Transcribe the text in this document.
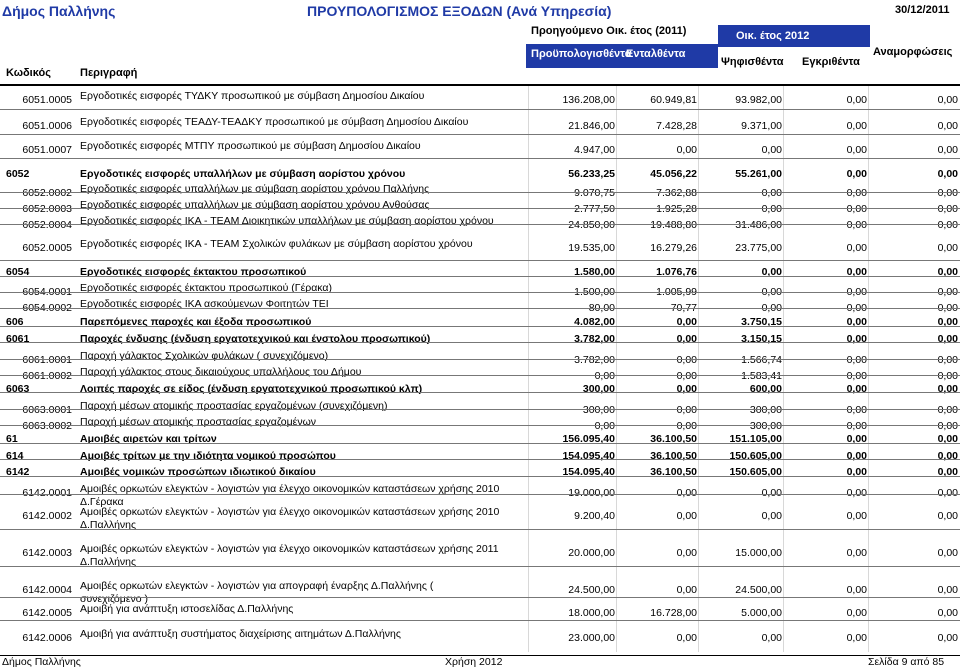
Δήμος Παλλήνης	ΠΡΟΥΠΟΛΟΓΙΣΜΟΣ ΕΞΟΔΩΝ (Ανά Υπηρεσία)	30/12/2011
Προηγούμενο Οικ. έτος (2011)	Οικ. έτος 2012
Προϋπολογισθέντα
Ενταλθέντα
Κωδικός	Περιγραφή
Ψηφισθέντα Εγκριθέντα
Αναμορφώσεις
6051.0005 Εργοδοτικές εισφορές ΤΥΔΚΥ προσωπικού με σύμβαση Δημοσίου Δικαίου	136.208,00	60.949,81	93.982,00	0,00	0,00
6051.0006 Εργοδοτικές εισφορές ΤΕΑΔΥ-ΤΕΑΔΚΥ προσωπικού με σύμβαση Δημοσίου Δικαίου	21.846,00	7.428,28	9.371,00	0,00	0,00
6051.0007 Εργοδοτικές εισφορές ΜΤΠΥ προσωπικού με σύμβαση Δημοσίου Δικαίου	4.947,00	0,00	0,00	0,00	0,00
6052	Εργοδοτικές εισφορές υπαλλήλων με σύμβαση αορίστου χρόνου	56.233,25	45.056,22	55.261,00	0,00	0,00
6052.0002 Εργοδοτικές εισφορές υπαλλήλων με σύμβαση αορίστου χρόνου Παλλήνης	9.070,75	7.362,88	0,00	0,00	0,00
6052.0003 Εργοδοτικές εισφορές υπαλλήλων με σύμβαση αορίστου χρόνου Ανθούσας	2.777,50	1.925,28	0,00	0,00	0,00
6052.0004 Εργοδοτικές εισφορές ΙΚΑ - ΤΕΑΜ Διοικητικών υπαλλήλων με σύμβαση αορίστου χρόνου	24.850,00	19.488,80	31.486,00	0,00	0,00
6052.0005 Εργοδοτικές εισφορές ΙΚΑ - ΤΕΑΜ Σχολικών φυλάκων με σύμβαση αορίστου χρόνου	19.535,00	16.279,26	23.775,00	0,00	0,00
6054	Εργοδοτικές εισφορές έκτακτου προσωπικού	1.580,00	1.076,76	0,00	0,00	0,00
6054.0001 Εργοδοτικές εισφορές έκτακτου προσωπικού (Γέρακα)	1.500,00	1.005,99	0,00	0,00	0,00
6054.0002 Εργοδοτικές εισφορές ΙΚΑ ασκούμενων Φοιτητών ΤΕΙ	80,00	70,77	0,00	0,00	0,00
606	Παρεπόμενες παροχές και έξοδα προσωπικού	4.082,00	0,00	3.750,15	0,00	0,00
6061	Παροχές ένδυσης (ένδυση εργατοτεχνικού και ένστολου προσωπικού)	3.782,00	0,00	3.150,15	0,00	0,00
6061.0001 Παροχή γάλακτος Σχολικών φυλάκων ( συνεχιζόμενο)	3.782,00	0,00	1.566,74	0,00	0,00
6061.0002 Παροχή γάλακτος στους δικαιούχους υπαλλήλους του Δήμου	0,00	0,00	1.583,41	0,00	0,00
6063	Λοιπές παροχές σε είδος (ένδυση εργατοτεχνικού προσωπικού κλπ)	300,00	0,00	600,00	0,00	0,00
6063.0001 Παροχή μέσων ατομικής προστασίας εργαζομένων (συνεχιζόμενη)	300,00	0,00	300,00	0,00	0,00
6063.0002 Παροχή μέσων ατομικής προστασίας εργαζομένων	0,00	0,00	300,00	0,00	0,00
61	Αμοιβές αιρετών και τρίτων	156.095,40	36.100,50	151.105,00	0,00	0,00
614	Αμοιβές τρίτων με την ιδιότητα νομικού προσώπου	154.095,40	36.100,50	150.605,00	0,00	0,00
6142	Αμοιβές νομικών προσώπων ιδιωτικού δικαίου	154.095,40	36.100,50	150.605,00	0,00	0,00
6142.0001 Αμοιβές ορκωτών ελεγκτών - λογιστών για έλεγχο οικονομικών καταστάσεων χρήσης 2010
Δ.Γέρακα
19.000,00	0,00	0,00	0,00	0,00
6142.0002 Αμοιβές ορκωτών ελεγκτών - λογιστών για έλεγχο οικονομικών καταστάσεων χρήσης 2010
Δ.Παλλήνης
9.200,40	0,00	0,00	0,00	0,00
6142.0003 Αμοιβές ορκωτών ελεγκτών - λογιστών για έλεγχο οικονομικών καταστάσεων χρήσης 2011
Δ.Παλλήνης
20.000,00	0,00	15.000,00	0,00	0,00
6142.0004 Αμοιβές ορκωτών ελεγκτών - λογιστών για απογραφή έναρξης Δ.Παλλήνης (
συνεχιζόμενο )
24.500,00	0,00	24.500,00	0,00	0,00
6142.0005 Αμοιβή για ανάπτυξη ιστοσελίδας Δ.Παλλήνης	18.000,00	16.728,00	5.000,00	0,00	0,00
6142.0006 Αμοιβή για ανάπτυξη συστήματος διαχείρισης αιτημάτων Δ.Παλλήνης	23.000,00	0,00	0,00	0,00	0,00
Δήμος Παλλήνης	Χρήση 2012	Σελίδα 9 από 85
